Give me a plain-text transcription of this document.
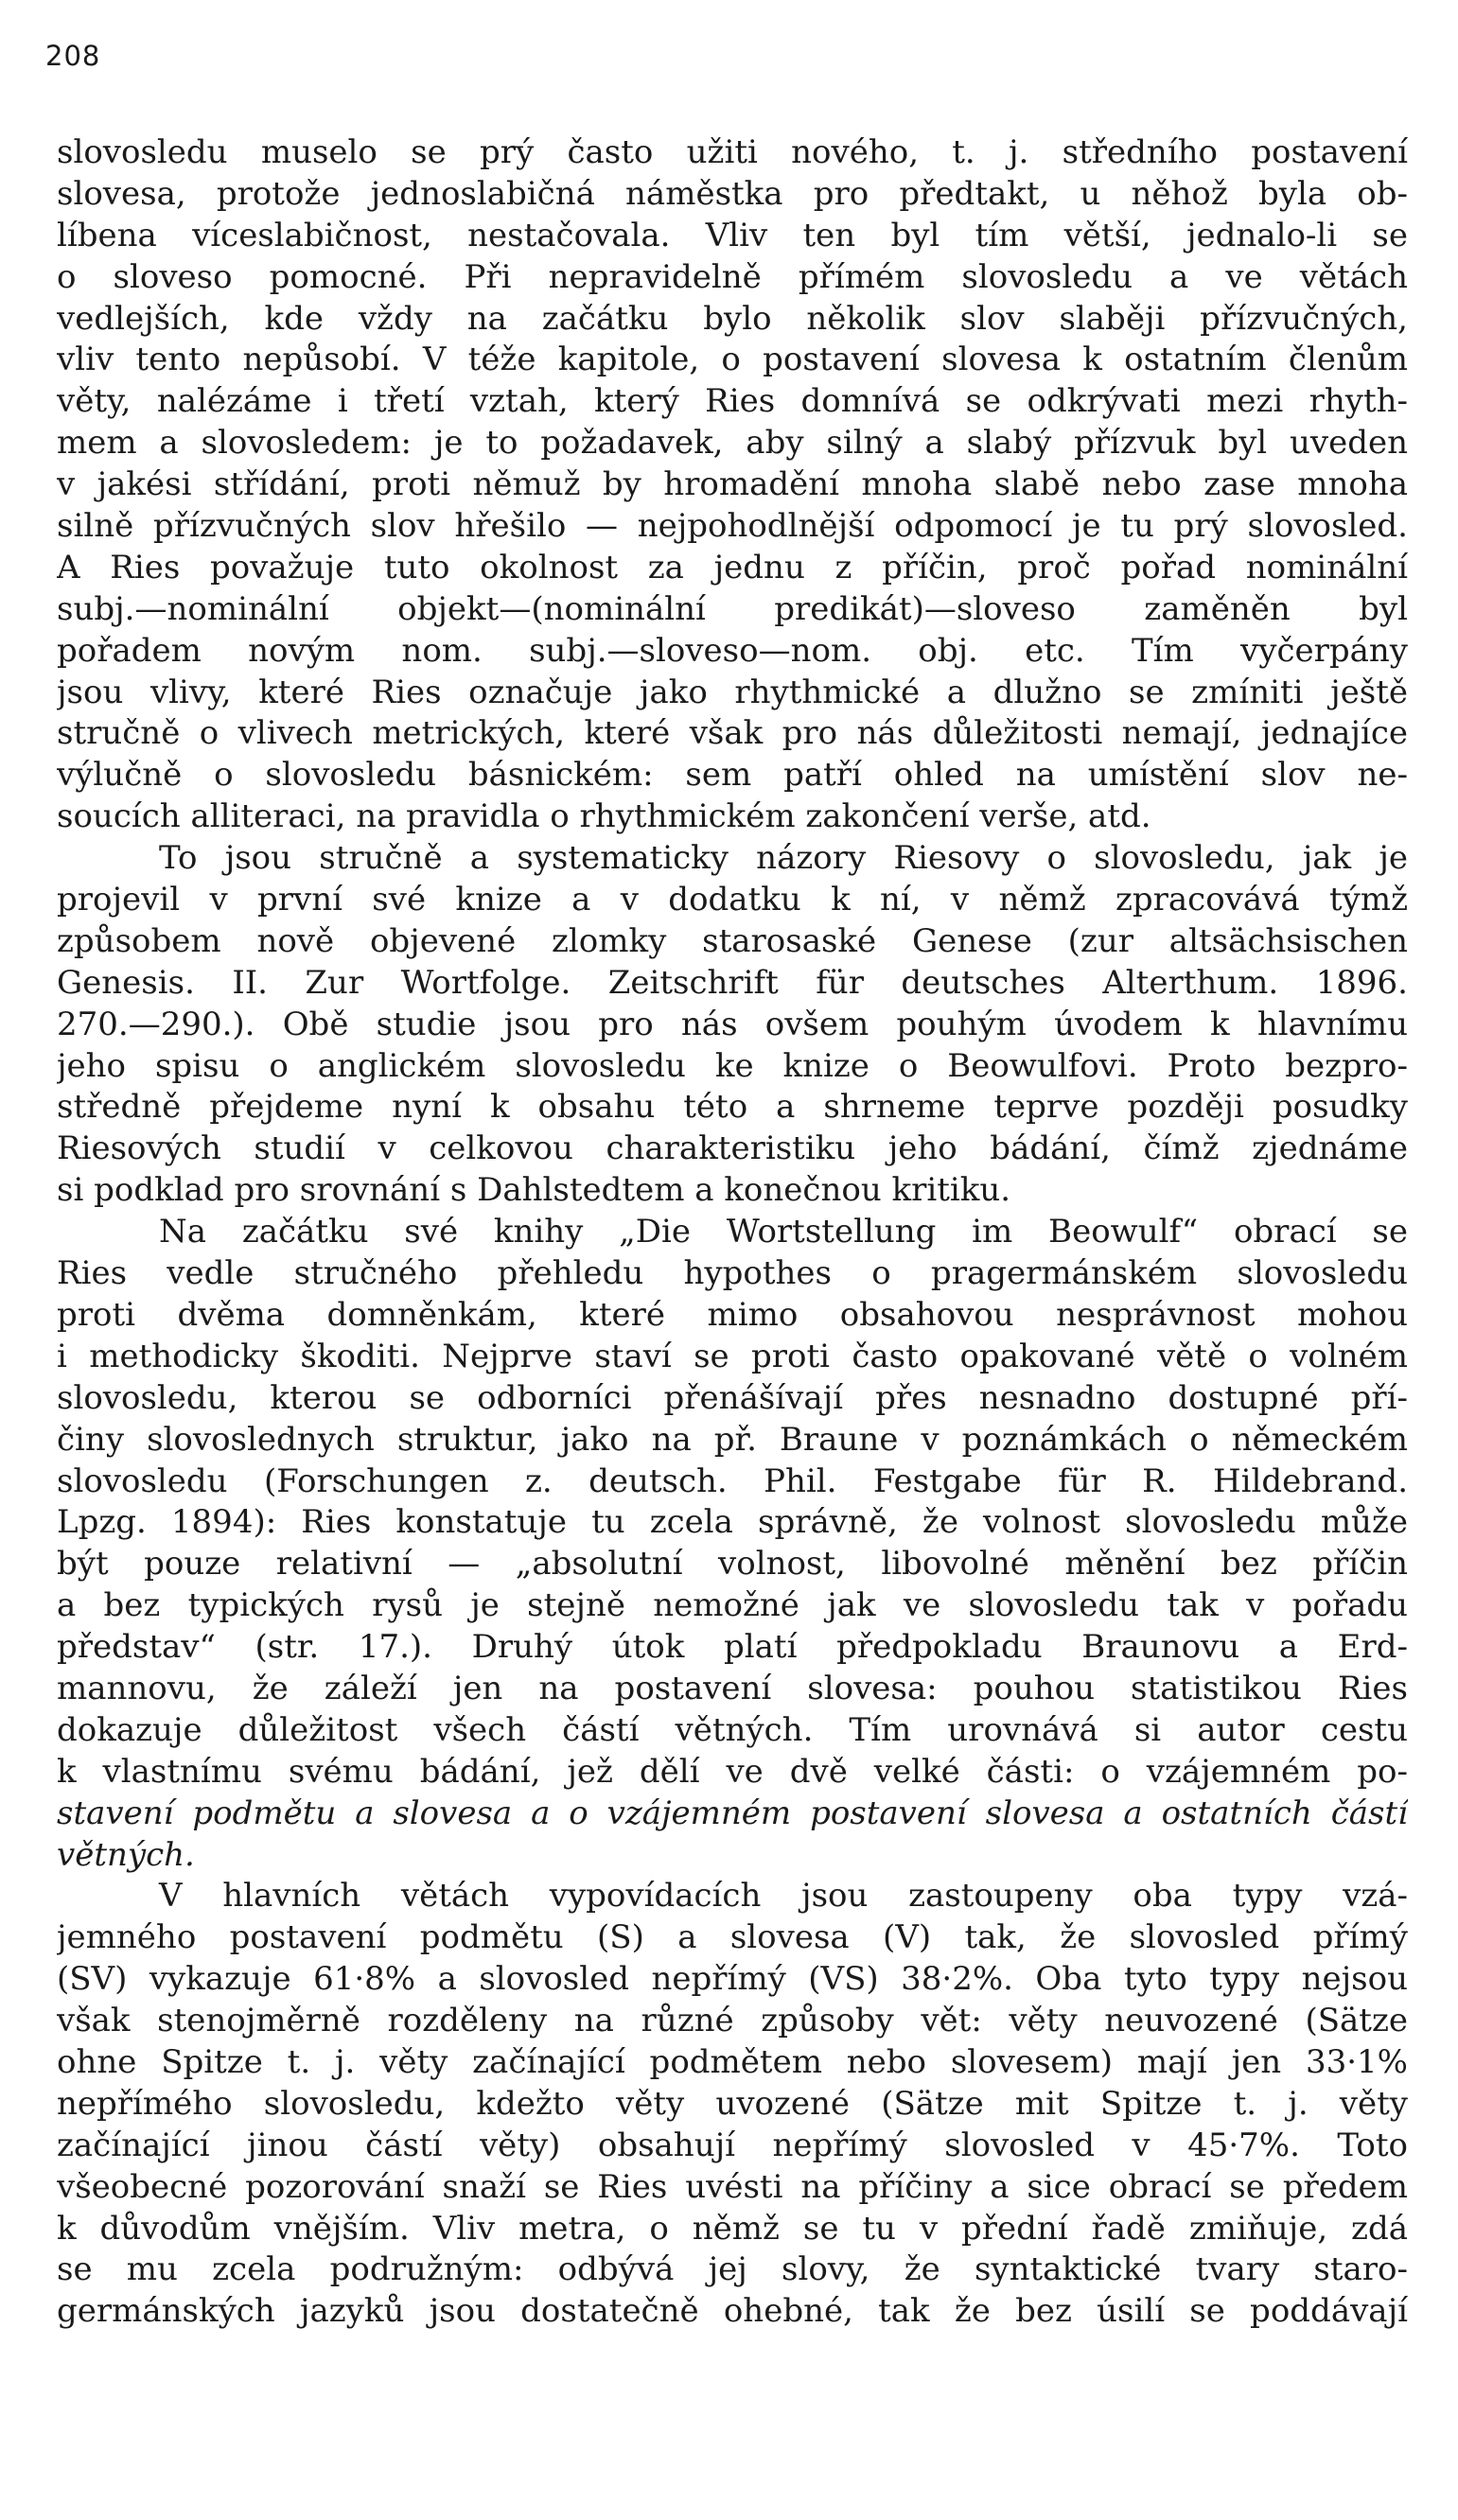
208
slovosledu muselo se prý často užiti nového, t. j. středního postavení
slovesa, protože jednoslabičná náměstka pro předtakt, u něhož byla ob-
líbena víceslabičnost, nestačovala. Vliv ten byl tím větší, jednalo-li se
o sloveso pomocné. Při nepravidelně přímém slovosledu a ve větách
vedlejších, kde vždy na začátku bylo několik slov slaběji přízvučných,
vliv tento nepůsobí. V téže kapitole, o postavení slovesa k ostatním členům
věty, nalézáme i třetí vztah, který Ries domnívá se odkrývati mezi rhyth-
mem a slovosledem: je to požadavek, aby silný a slabý přízvuk byl uveden
v jakési střídání, proti němuž by hromadění mnoha slabě nebo zase mnoha
silně přízvučných slov hřešilo — nejpohodlnější odpomocí je tu prý slovosled.
A Ries považuje tuto okolnost za jednu z příčin, proč pořad nominální
subj.—nominální objekt—(nominální predikát)—sloveso zaměněn byl
pořadem novým nom. subj.—sloveso—nom. obj. etc. Tím vyčerpány
jsou vlivy, které Ries označuje jako rhythmické a dlužno se zmíniti ještě
stručně o vlivech metrických, které však pro nás důležitosti nemají, jednajíce
výlučně o slovosledu básnickém: sem patří ohled na umístění slov ne-
soucích alliteraci, na pravidla o rhythmickém zakončení verše, atd.
To jsou stručně a systematicky názory Riesovy o slovosledu, jak je
projevil v první své knize a v dodatku k ní, v němž zpracovává týmž
způsobem nově objevené zlomky starosaské Genese (zur altsächsischen
Genesis. II. Zur Wortfolge. Zeitschrift für deutsches Alterthum. 1896.
270.—290.). Obě studie jsou pro nás ovšem pouhým úvodem k hlavnímu
jeho spisu o anglickém slovosledu ke knize o Beowulfovi. Proto bezpro-
středně přejdeme nyní k obsahu této a shrneme teprve později posudky
Riesových studií v celkovou charakteristiku jeho bádání, čímž zjednáme
si podklad pro srovnání s Dahlstedtem a konečnou kritiku.
Na začátku své knihy „Die Wortstellung im Beowulf“ obrací se
Ries vedle stručného přehledu hypothes o pragermánském slovosledu
proti dvěma domněnkám, které mimo obsahovou nesprávnost mohou
i methodicky škoditi. Nejprve staví se proti často opakované větě o volném
slovosledu, kterou se odborníci přenášívají přes nesnadno dostupné pří-
činy slovoslednych struktur, jako na př. Braune v poznámkách o německém
slovosledu (Forschungen z. deutsch. Phil. Festgabe für R. Hildebrand.
Lpzg. 1894): Ries konstatuje tu zcela správně, že volnost slovosledu může
být pouze relativní — „absolutní volnost, libovolné měnění bez příčin
a bez typických rysů je stejně nemožné jak ve slovosledu tak v pořadu
představ“ (str. 17.). Druhý útok platí předpokladu Braunovu a Erd-
mannovu, že záleží jen na postavení slovesa: pouhou statistikou Ries
dokazuje důležitost všech částí větných. Tím urovnává si autor cestu
k vlastnímu svému bádání, jež dělí ve dvě velké části: o vzájemném po-
stavení podmětu a slovesa a o vzájemném postavení slovesa a ostatních částí
větných.
V hlavních větách vypovídacích jsou zastoupeny oba typy vzá-
jemného postavení podmětu (S) a slovesa (V) tak, že slovosled přímý
(SV) vykazuje 61·8% a slovosled nepřímý (VS) 38·2%. Oba tyto typy nejsou
však stenojměrně rozděleny na různé způsoby vět: věty neuvozené (Sätze
ohne Spitze t. j. věty začínající podmětem nebo slovesem) mají jen 33·1%
nepřímého slovosledu, kdežto věty uvozené (Sätze mit Spitze t. j. věty
začínající jinou částí věty) obsahují nepřímý slovosled v 45·7%. Toto
všeobecné pozorování snaží se Ries uvésti na příčiny a sice obrací se předem
k důvodům vnějším. Vliv metra, o němž se tu v přední řadě zmiňuje, zdá
se mu zcela podružným: odbývá jej slovy, že syntaktické tvary staro-
germánských jazyků jsou dostatečně ohebné, tak že bez úsilí se poddávají
